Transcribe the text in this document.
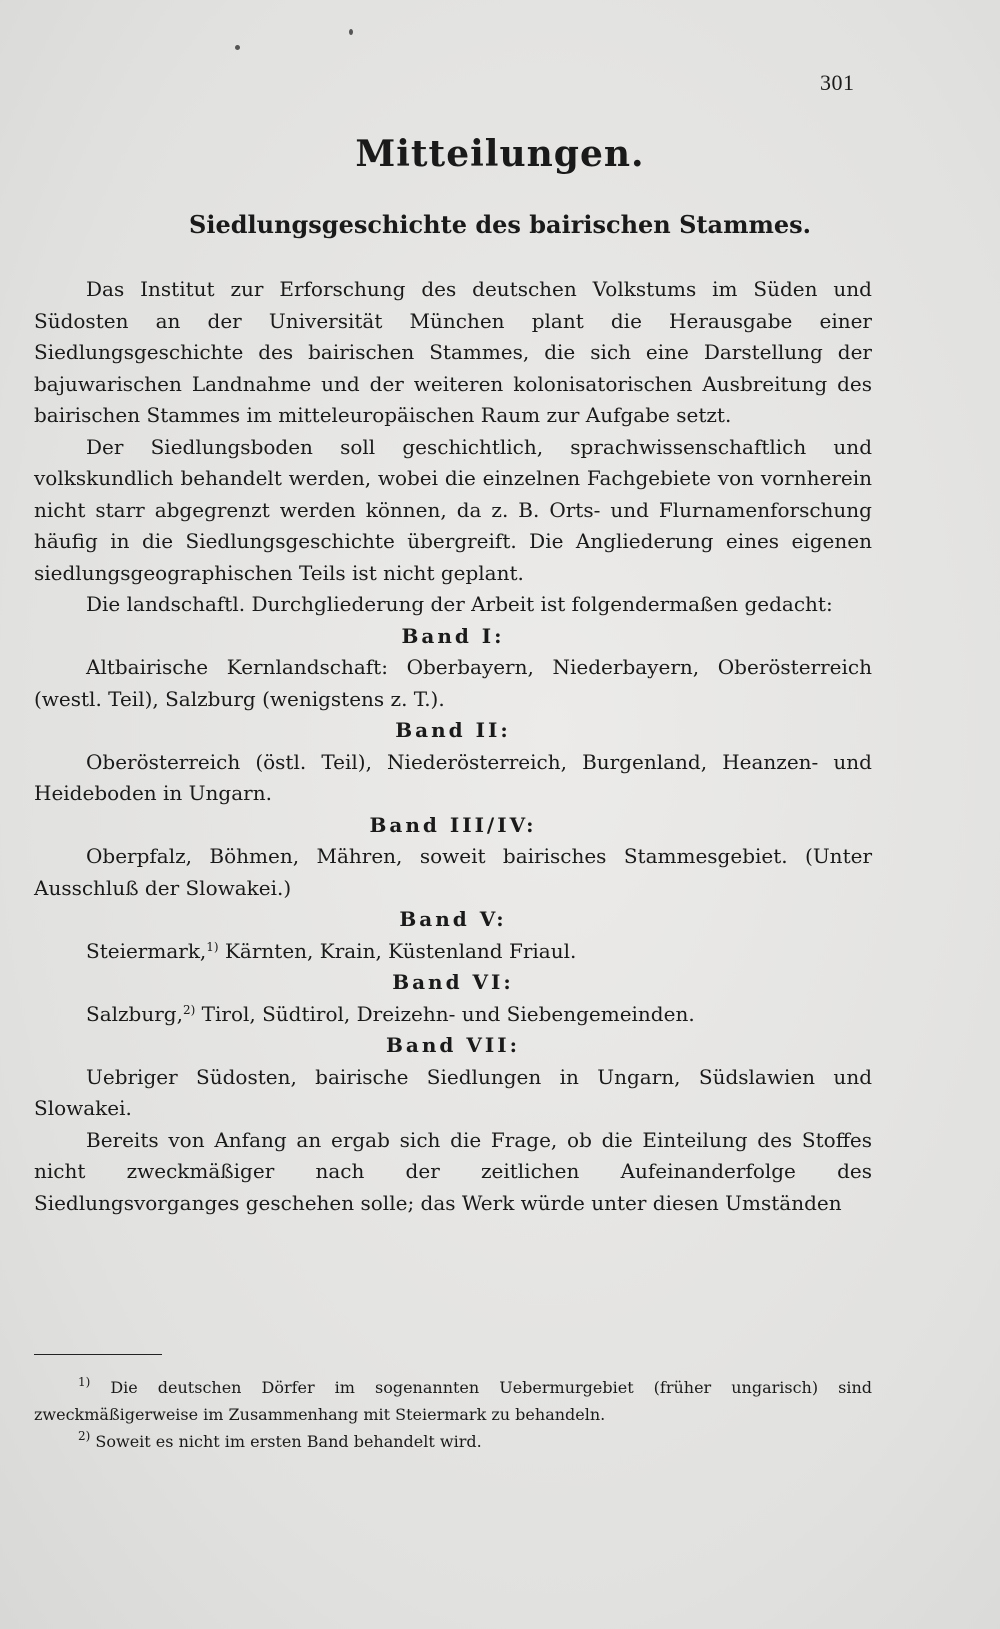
301
Mitteilungen.
Siedlungsgeschichte des bairischen Stammes.

Das Institut zur Erforschung des deutschen Volkstums im Süden und Südosten an der Universität München plant die Herausgabe einer Siedlungsgeschichte des bairischen Stammes, die sich eine Darstellung der bajuwarischen Landnahme und der weiteren kolonisatorischen Ausbreitung des bairischen Stammes im mitteleuropäischen Raum zur Aufgabe setzt.

Der Siedlungsboden soll geschichtlich, sprachwissenschaftlich und volkskundlich behandelt werden, wobei die einzelnen Fachgebiete von vornherein nicht starr abgegrenzt werden können, da z. B. Orts- und Flurnamenforschung häufig in die Siedlungsgeschichte übergreift. Die Angliederung eines eigenen siedlungsgeographischen Teils ist nicht geplant.

Die landschaftl. Durchgliederung der Arbeit ist folgendermaßen gedacht:

Band I:

Altbairische Kernlandschaft: Oberbayern, Niederbayern, Oberösterreich (westl. Teil), Salzburg (wenigstens z. T.).

Band II:

Oberösterreich (östl. Teil), Niederösterreich, Burgenland, Heanzen- und Heideboden in Ungarn.

Band III/IV:

Oberpfalz, Böhmen, Mähren, soweit bairisches Stammesgebiet. (Unter Ausschluß der Slowakei.)

Band V:

Steiermark,$^{1)}$ Kärnten, Krain, Küstenland Friaul.

Band VI:

Salzburg,$^{2)}$ Tirol, Südtirol, Dreizehn- und Siebengemeinden.

Band VII:

Uebriger Südosten, bairische Siedlungen in Ungarn, Südslawien und Slowakei.

Bereits von Anfang an ergab sich die Frage, ob die Einteilung des Stoffes nicht zweckmäßiger nach der zeitlichen Aufeinanderfolge des Siedlungsvorganges geschehen solle; das Werk würde unter diesen Umständen

$^{1)}$ Die deutschen Dörfer im sogenannten Uebermurgebiet (früher ungarisch) sind zweckmäßigerweise im Zusammenhang mit Steiermark zu behandeln.

$^{2)}$ Soweit es nicht im ersten Band behandelt wird.
